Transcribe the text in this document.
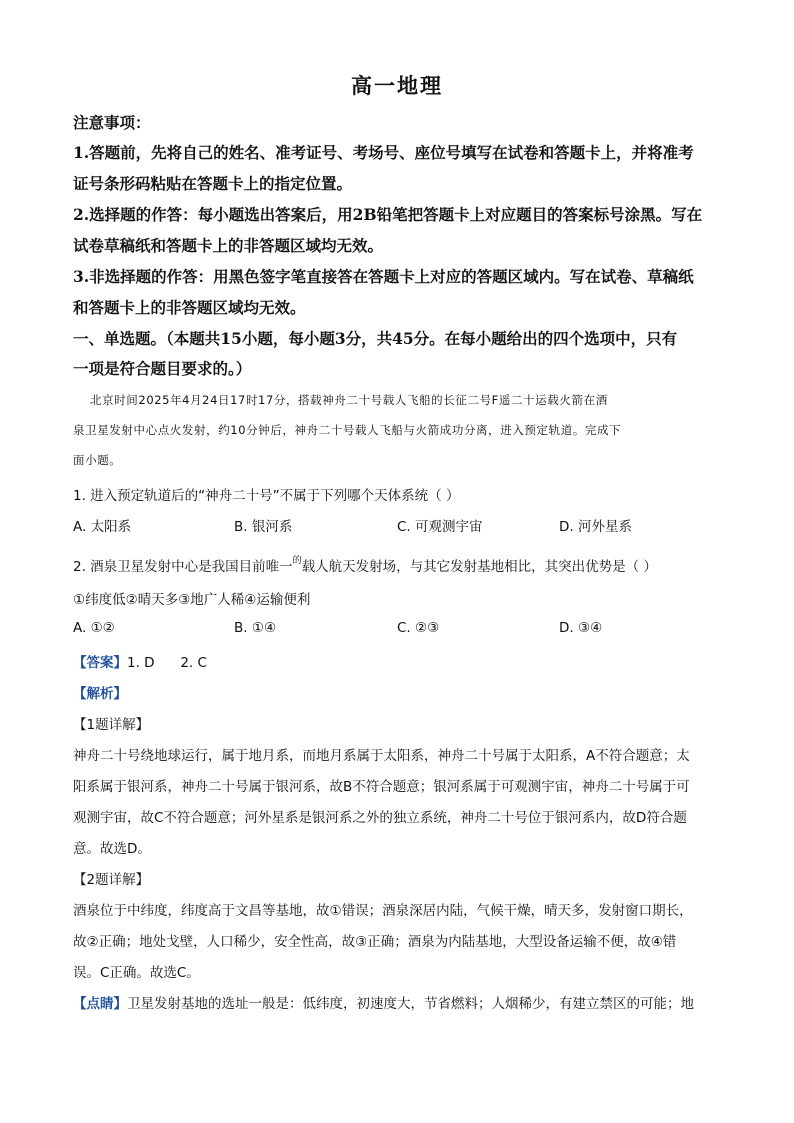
高一地理
注意事项：
1.答题前，先将自己的姓名、准考证号、考场号、座位号填写在试卷和答题卡上，并将准考
证号条形码粘贴在答题卡上的指定位置。
2.选择题的作答：每小题选出答案后，用2B铅笔把答题卡上对应题目的答案标号涂黑。写在
试卷草稿纸和答题卡上的非答题区域均无效。
3.非选择题的作答：用黑色签字笔直接答在答题卡上对应的答题区域内。写在试卷、草稿纸
和答题卡上的非答题区域均无效。
一、单选题。（本题共15小题，每小题3分，共45分。在每小题给出的四个选项中，只有
一项是符合题目要求的。）
北京时间2025年4月24日17时17分，搭载神舟二十号载人飞船的长征二号F遥二十运载火箭在酒
泉卫星发射中心点火发射，约10分钟后，神舟二十号载人飞船与火箭成功分离，进入预定轨道。完成下
面小题。
1. 进入预定轨道后的“神舟二十号”不属于下列哪个天体系统（ ）
A. 太阳系	B. 银河系	C. 可观测宇宙	D. 河外星系
2. 酒泉卫星发射中心是我国目前唯一$^的$载人航天发射场，与其它发射基地相比，其突出优势是（ ）
①纬度低②晴天多③地广人稀④运输便利
A. ①②	B. ①④	C. ②③	D. ③④
【答案】1. D      2. C
【解析】
【1题详解】
神舟二十号绕地球运行，属于地月系，而地月系属于太阳系，神舟二十号属于太阳系，A不符合题意；太
阳系属于银河系，神舟二十号属于银河系，故B不符合题意；银河系属于可观测宇宙，神舟二十号属于可
观测宇宙，故C不符合题意；河外星系是银河系之外的独立系统，神舟二十号位于银河系内，故D符合题
意。故选D。
【2题详解】
酒泉位于中纬度，纬度高于文昌等基地，故①错误；酒泉深居内陆，气候干燥，晴天多，发射窗口期长，
故②正确；地处戈壁，人口稀少，安全性高，故③正确；酒泉为内陆基地，大型设备运输不便，故④错
误。C正确。故选C。
【点睛】卫星发射基地的选址一般是：低纬度，初速度大，节省燃料；人烟稀少，有建立禁区的可能；地
